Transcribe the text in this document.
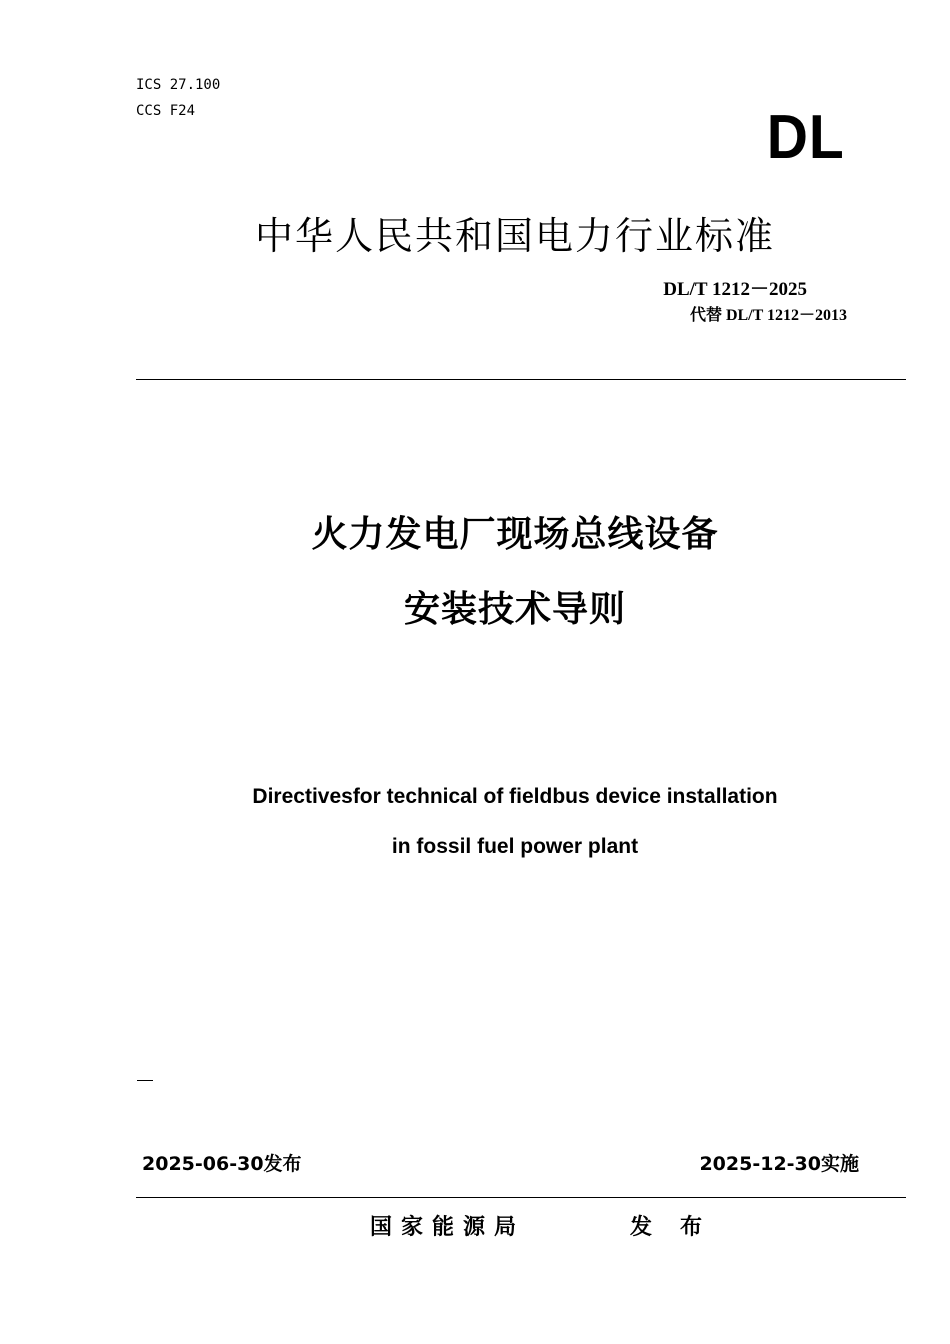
ICS 27.100
CCS F24	DL
中华人民共和国电力行业标准
DL/T 1212－2025
代替 DL/T 1212－2013
火力发电厂现场总线设备
安装技术导则
Directivesfor technical of fieldbus device installation
in fossil fuel power plant
2025-06-30发布	2025-12-30实施
国家能源局	发布
